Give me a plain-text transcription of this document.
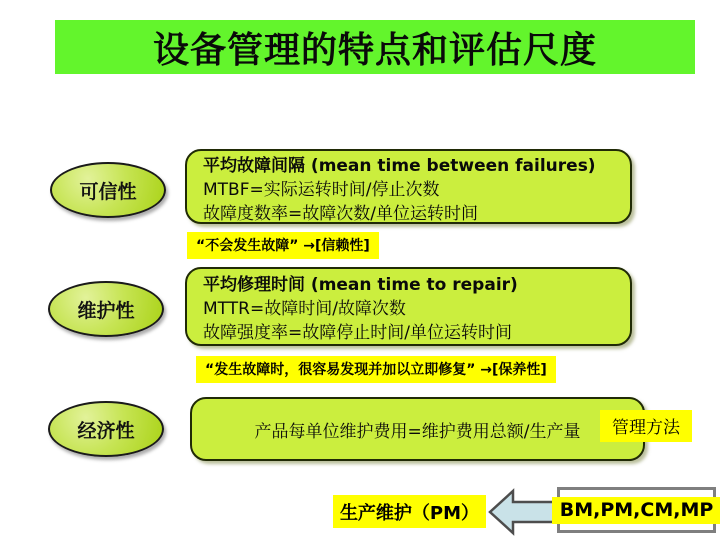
设备管理的特点和评估尺度
可信性
平均故障间隔 (mean time between failures)
MTBF=实际运转时间/停止次数
故障度数率=故障次数/单位运转时间
“不会发生故障” →[信赖性]
维护性
平均修理时间 (mean time to repair)
MTTR=故障时间/故障次数
故障强度率=故障停止时间/单位运转时间
“发生故障时，很容易发现并加以立即修复” →[保养性]
经济性	产品每单位维护费用=维护费用总额/生产量	管理方法
生产维护（PM）	BM,PM,CM,MP
